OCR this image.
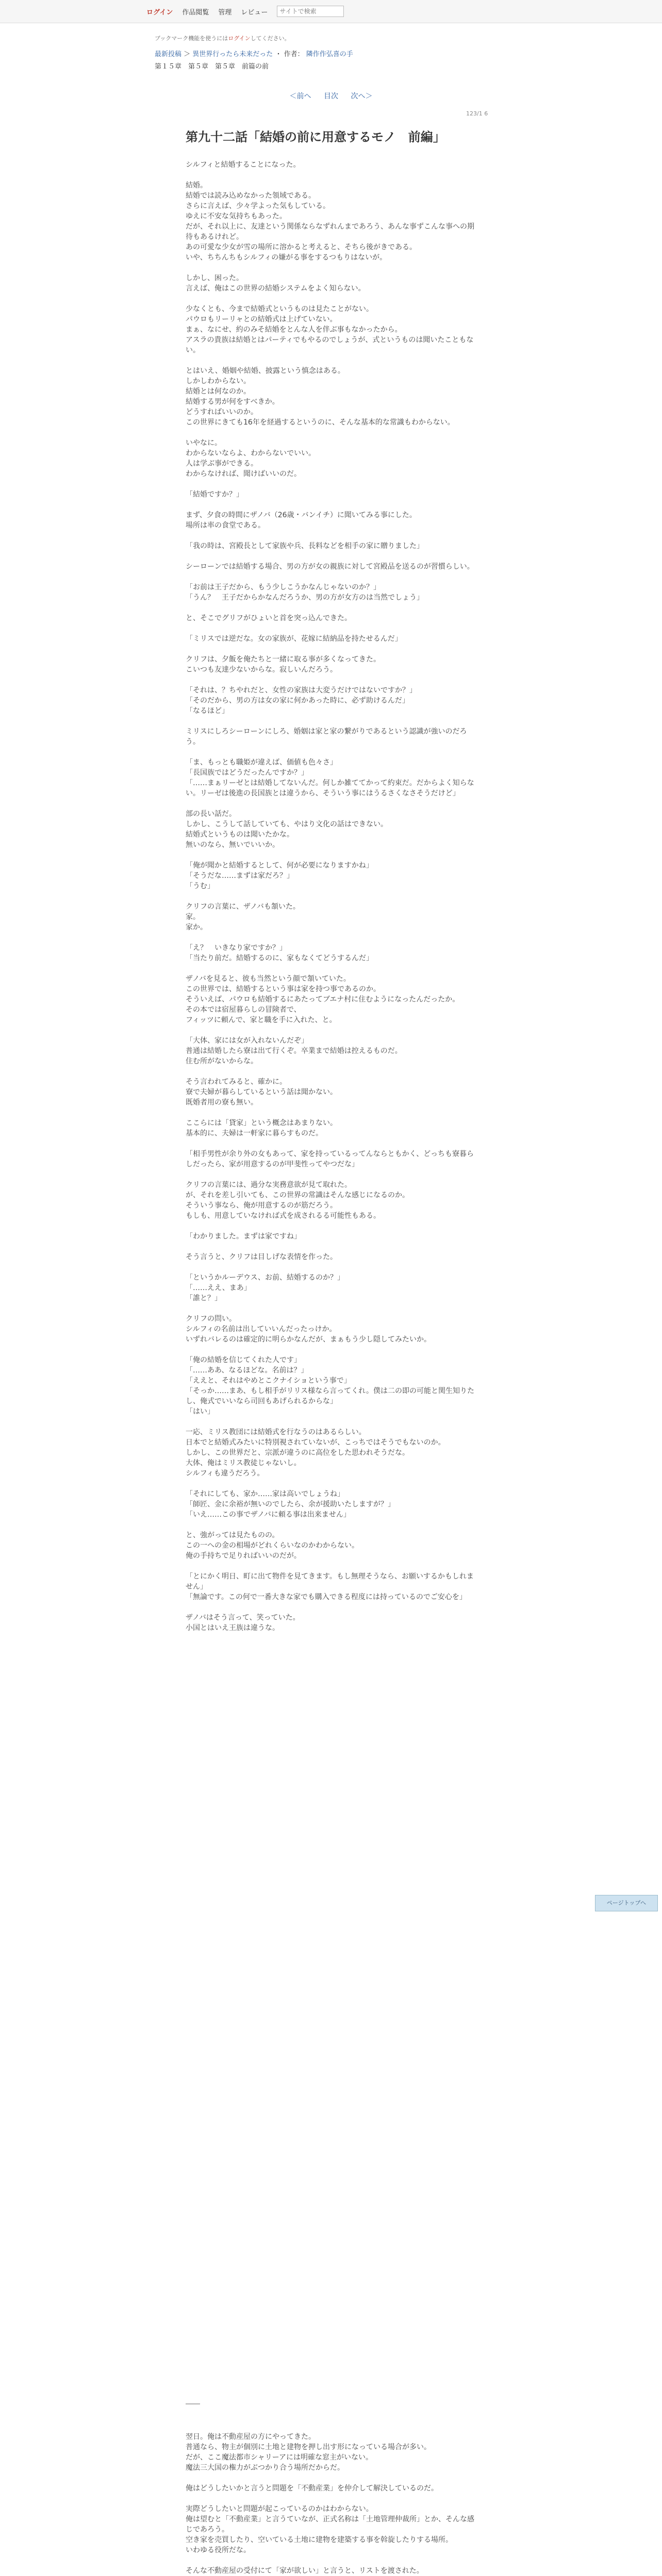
ログイン 作品閲覧 管理 レビュー
サイトで検索
ブックマーク機能を使うにはログインしてください。
最新投稿 ＞ 異世界行ったら未来だった ・ 作者： 隣作作弘喜の手
第１５章　第５章　第５章　前篇の前
＜前へ 目次 次へ＞
123/1 6
第九十二話「結婚の前に用意するモノ　前編」

シルフィと結婚することになった。

結婚。
結婚では読み込めなかった領域である。
さらに言えば、少々学よった気もしている。
ゆえに不安な気持ちもあった。
だが、それ以上に、友達という関係ならなずれんまであろう、あんな事ずこんな事への期待もあるけれど。
あの可愛な少女が雪の場所に溶かると考えると、そちら後がきである。
いや、ちちんちもシルフィの嫌がる事をするつもりはないが。

しかし、困った。
言えば、俺はこの世界の結婚システムをよく知らない。

少なくとも、今まで結婚式というものは見たことがない。
パウロもリーリャとの結婚式は上げていない。
まぁ、なにせ、約のみそ結婚をとんな人を伴ぶ事もなかったから。
アスラの貴族は結婚とはパーティでもやるのでしょうが、式というものは聞いたこともない。

とはいえ、婚姻や結婚、披露という慎念はある。
しかしわからない。
結婚とは何なのか。
結婚する男が何をすべきか。
どうすればいいのか。
この世界にきても16年を経過するというのに、そんな基本的な常識もわからない。

いやなに。
わからないならよ、わからないでいい。
人は学ぶ事ができる。
わからなければ、聞けばいいのだ。

「結婚ですか？」

まず、夕食の時間にザノバ（26歳・バンイチ）に聞いてみる事にした。
場所は率の食堂である。

「我の時は、宮殿長として家族や兵、長料などを相手の家に贈りました」

シーローンでは結婚する場合、男の方が女の親族に対して宮殿品を送るのが習慣らしい。

「お前は王子だから、もう少しこうかなんじゃないのか？」
「うん？　王子だからかなんだろうか、男の方が女方のは当然でしょう」

と、そこでグリフがひょいと首を突っ込んできた。

「ミリスでは逆だな。女の家族が、花嫁に結納品を持たせるんだ」

クリフは、夕飯を俺たちと一緒に取る事が多くなってきた。
こいつも友達少ないからな。寂しいんだろう。

「それは、？ちやれだと、女性の家族は大変うだけではないですか？」
「そのだから、男の方は女の家に何かあった時に、必ず助けるんだ」
「なるほど」

ミリスにしろシーローンにしろ、婚姻は家と家の繋がりであるという認識が強いのだろう。

「ま、もっとも職姫が違えば、価値も色々さ」
「長国族ではどうだったんですか？」
「……まぁリーゼとは結婚してないんだ。何しか雑ててかって約束だ。だからよく知らない。リーゼは後進の長国族とは違うから、そういう事にはうるさくなさそうだけど」

部の長い話だ。
しかし、こうして話していても、やはり文化の話はできない。
結婚式というものは聞いたかな。
無いのなら、無いでいいか。

「俺が聞かと結婚するとして、何が必要になりますかね」
「そうだな……まずは家だろ？」
「うむ」

クリフの言葉に、ザノバも頷いた。
家。
家か。

「え？　いきなり家ですか？」
「当たり前だ。結婚するのに、家もなくてどうするんだ」

ザノバを見ると、彼も当然という顔で頷いていた。
この世界では、結婚するという事は家を持つ事であるのか。
そういえば、パウロも結婚するにあたってブエナ村に住むようになったんだったか。
その本では宿屋暮らしの冒険者で、
フィッツに頼んで、家と職を手に入れた、と。

「大体、家には女が入れないんだぞ」
普通は結婚したら寮は出て行くぞ。卒業まで結婚は控えるものだ。
住む所がないからな。

そう言われてみると、確かに。
寮で夫婦が暮らしているという話は聞かない。
既婚者用の寮も無い。

ここらには「貸家」という概念はあまりない。
基本的に、夫婦は一軒家に暮らすものだ。

「相手男性が余り外の女もあって、家を持っているってんならともかく、どっちも寮暮らしだったら、家が用意するのが甲斐性ってやつだな」

クリフの言葉には、過分な実務意欲が見て取れた。
が、それを差し引いても、この世界の常識はそんな感じになるのか。
そういう事なら、俺が用意するのが筋だろう。
もしも、用意していなければ式を成されるる可能性もある。

「わかりました。まずは家ですね」

そう言うと、クリフは目しげな表情を作った。

「というかルーデウス、お前、結婚するのか？」
「……ええ、まあ」
「誰と？」

クリフの問い。
シルフィの名前は出していいんだったっけか。
いずれバレるのは確定的に明らかなんだが、まぁもう少し隠してみたいか。

「俺の結婚を信じてくれた人です」
「……ああ、なるほどな。名前は？」
「ええと、それはやめとこクナイショという事で」
「そっか……まあ、もし相手がリリス様なら言ってくれ。僕は二の即の可能と関生知りたし、俺式でいいなら司回もあげられるからな」
「はい」

一応、ミリス教団には結婚式を行なうのはあるらしい。
日本でと結婚式みたいに特別視されていないが、こっちではそうでもないのか。
しかし、この世界だと、宗派が違うのに高位をした思われそうだな。
大体、俺はミリス教徒じゃないし。
シルフィも違うだろう。

「それにしても、家か……家は高いでしょうね」
「師匠、金に余裕が無いのでしたら、余が援助いたしますが？」
「いえ……この事でザノバに頼る事は出来ません」

と、強がっては見たものの。
この一への金の相場がどれくらいなのかわからない。
俺の手持ちで足りればいいのだが。

「とにかく明日、町に出て物件を見てきます。もし無理そうなら、お願いするかもしれません」
「無論です。この何で一番大きな家でも購入できる程度には持っているのでご安心を」

ザノバはそう言って、笑っていた。
小国とはいえ王族は違うな。

――

翌日。俺は不動産屋の方にやってきた。
普通なら、物主が個別に土地と建物を押し出す形になっている場合が多い。
だが、ここ魔法都市シャリーアには明確な窓主がいない。
魔法三大国の権力がぶつかり合う場所だからだ。

俺はどうしたいかと言うと問題を「不動産業」を仲介して解決しているのだ。

実際どうしたいと問題が起こっているのかはわからない。
俺は望むと「不動産業」と言うていなが、正式名称は「土地管理仲裁所」とか、そんな感じであろう。
空き家を売買したり、空いている土地に建物を建築する事を斡旋したりする場所。
いわゆる役所だな。

そんな不動産屋の受付にて「家が欲しい」と言うと、リストを渡された。

ページトップへ
